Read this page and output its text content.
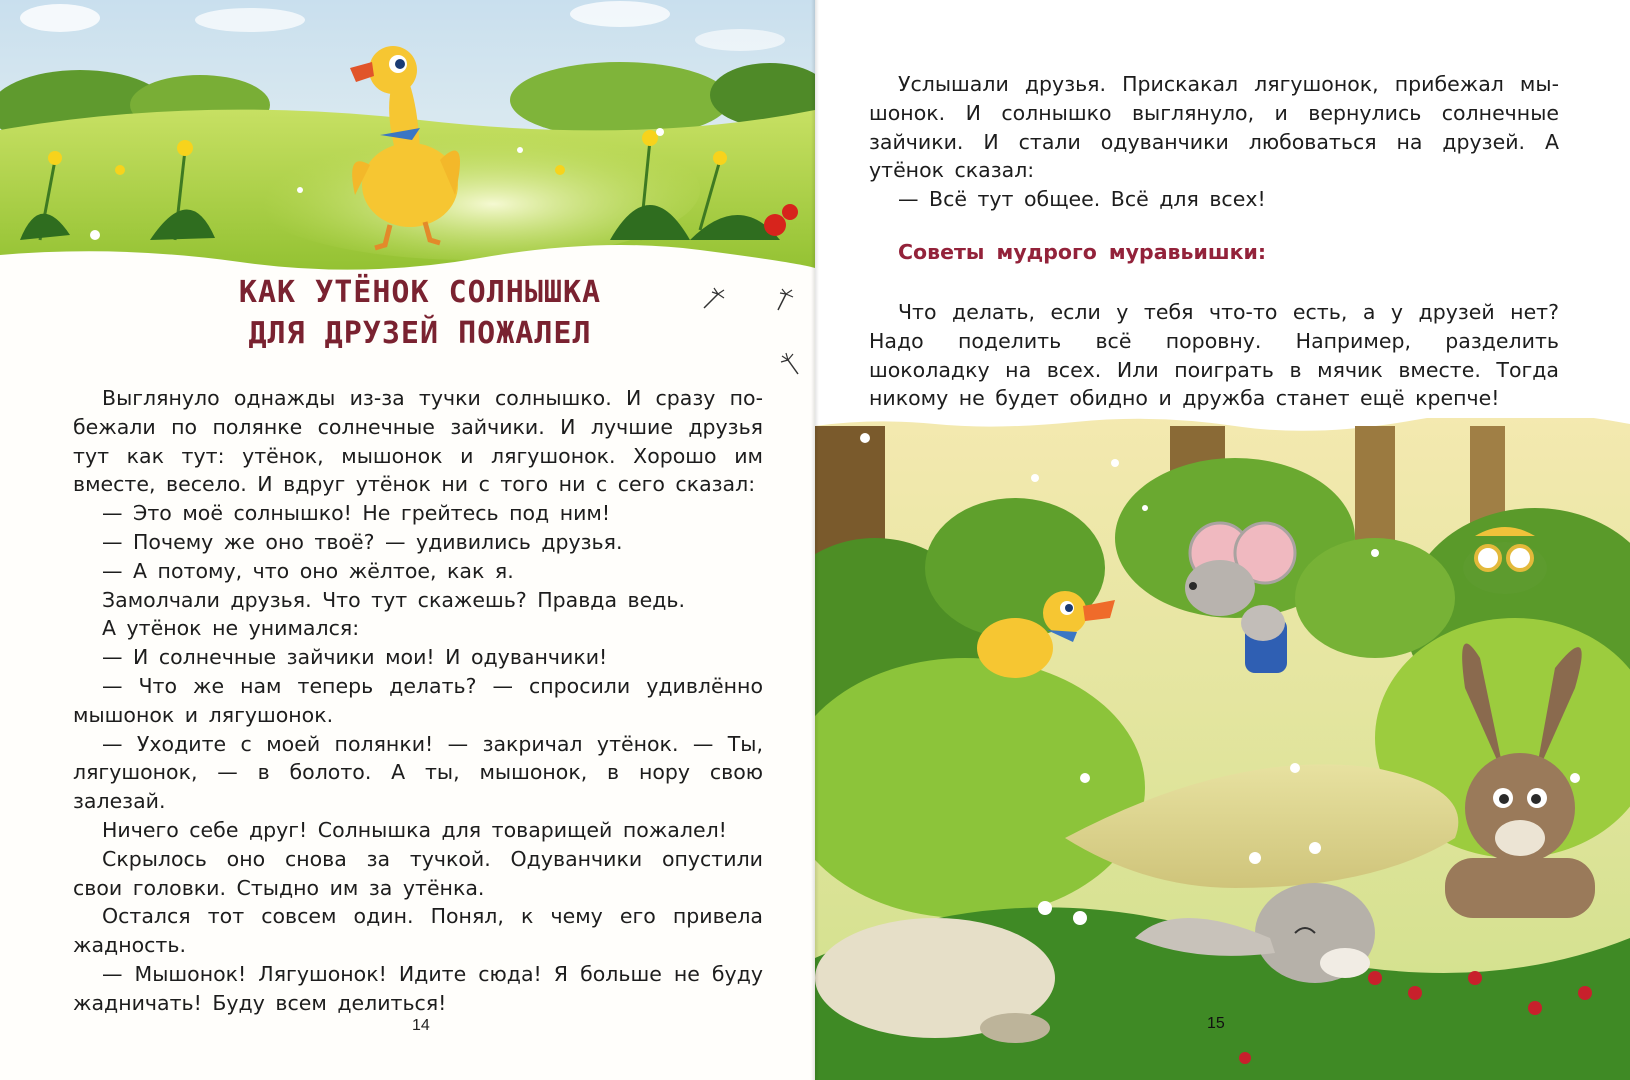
КАК УТЁНОК СОЛНЫШКА
ДЛЯ ДРУЗЕЙ ПОЖАЛЕЛ

Выглянуло однажды из-за тучки солнышко. И сразу побежали по полянке солнечные зайчики. И лучшие друзья тут как тут: утёнок, мышонок и лягушонок. Хорошо им вместе, весело. И вдруг утёнок ни с того ни с сего сказал:

— Это моё солнышко! Не грейтесь под ним!

— Почему же оно твоё? — удивились друзья.

— А потому, что оно жёлтое, как я.

Замолчали друзья. Что тут скажешь? Правда ведь.

А утёнок не унимался:

— И солнечные зайчики мои! И одуванчики!

— Что же нам теперь делать? — спросили удивлённо мышонок и лягушонок.

— Уходите с моей полянки! — закричал утёнок. — Ты, лягушонок, — в болото. А ты, мышонок, в нору свою залезай.

Ничего себе друг! Солнышка для товарищей пожалел!

Скрылось оно снова за тучкой. Одуванчики опустили свои головки. Стыдно им за утёнка.

Остался тот совсем один. Понял, к чему его привела жадность.

— Мышонок! Лягушонок! Идите сюда! Я больше не буду жадничать! Буду всем делиться!

14

Услышали друзья. Прискакал лягушонок, прибежал мышонок. И солнышко выглянуло, и вернулись солнечные зайчики. И стали одуванчики любоваться на друзей. А утёнок сказал:

— Всё тут общее. Всё для всех!

Советы мудрого муравьишки:

Что делать, если у тебя что-то есть, а у друзей нет? Надо поделить всё поровну. Например, разделить шоколадку на всех. Или поиграть в мячик вместе. Тогда никому не будет обидно и дружба станет ещё крепче!

15
